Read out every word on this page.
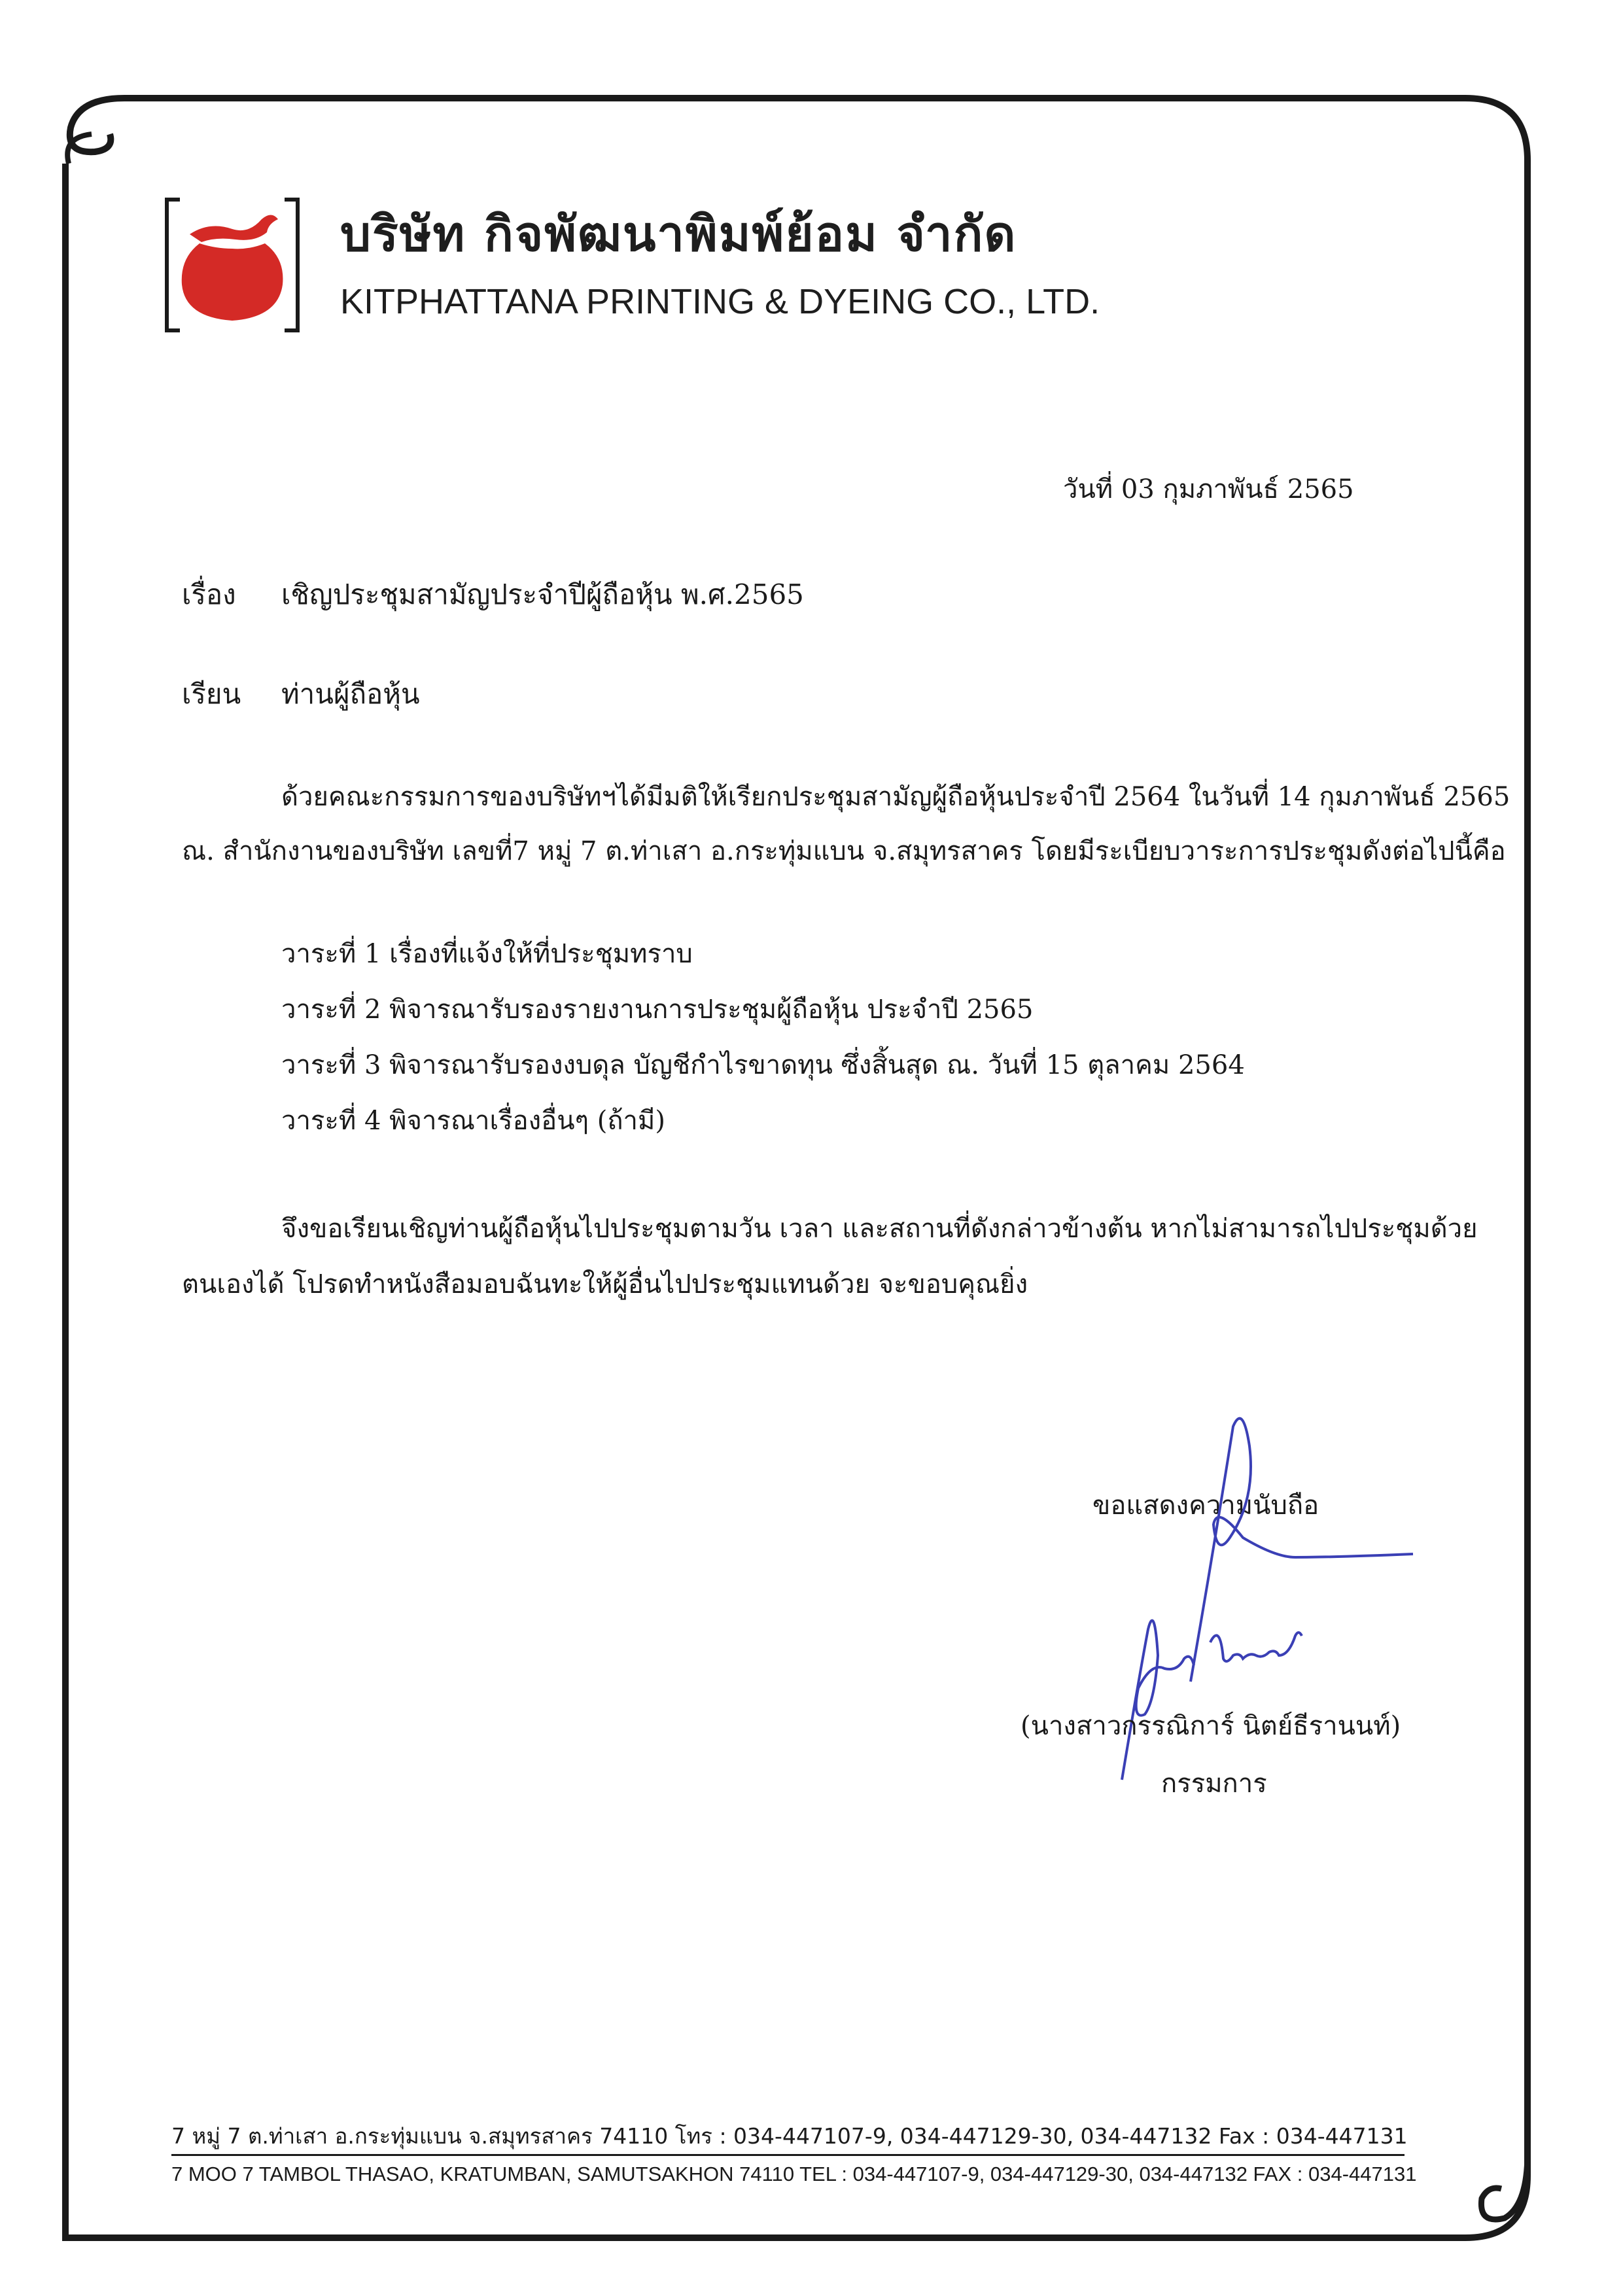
บริษัท กิจพัฒนาพิมพ์ย้อม จำกัด
KITPHATTANA PRINTING & DYEING CO., LTD.
วันที่ 03 กุมภาพันธ์ 2565
เรื่อง เชิญประชุมสามัญประจำปีผู้ถือหุ้น พ.ศ.2565
เรียน ท่านผู้ถือหุ้น
ด้วยคณะกรรมการของบริษัทฯได้มีมติให้เรียกประชุมสามัญผู้ถือหุ้นประจำปี 2564 ในวันที่ 14 กุมภาพันธ์ 2565
ณ. สำนักงานของบริษัท เลขที่7 หมู่ 7 ต.ท่าเสา อ.กระทุ่มแบน จ.สมุทรสาคร โดยมีระเบียบวาระการประชุมดังต่อไปนี้คือ
วาระที่ 1 เรื่องที่แจ้งให้ที่ประชุมทราบ
วาระที่ 2 พิจารณารับรองรายงานการประชุมผู้ถือหุ้น ประจำปี 2565
วาระที่ 3 พิจารณารับรองงบดุล บัญชีกำไรขาดทุน ซึ่งสิ้นสุด ณ. วันที่ 15 ตุลาคม 2564
วาระที่ 4 พิจารณาเรื่องอื่นๆ (ถ้ามี)
จึงขอเรียนเชิญท่านผู้ถือหุ้นไปประชุมตามวัน เวลา และสถานที่ดังกล่าวข้างต้น หากไม่สามารถไปประชุมด้วย
ตนเองได้ โปรดทำหนังสือมอบฉันทะให้ผู้อื่นไปประชุมแทนด้วย จะขอบคุณยิ่ง
ขอแสดงความนับถือ
(นางสาวกรรณิการ์ นิตย์ธีรานนท์)
กรรมการ
7 หมู่ 7 ต.ท่าเสา อ.กระทุ่มแบน จ.สมุทรสาคร 74110 โทร : 034-447107-9, 034-447129-30, 034-447132 Fax : 034-447131
7 MOO 7 TAMBOL THASAO, KRATUMBAN, SAMUTSAKHON 74110 TEL : 034-447107-9, 034-447129-30, 034-447132 FAX : 034-447131
